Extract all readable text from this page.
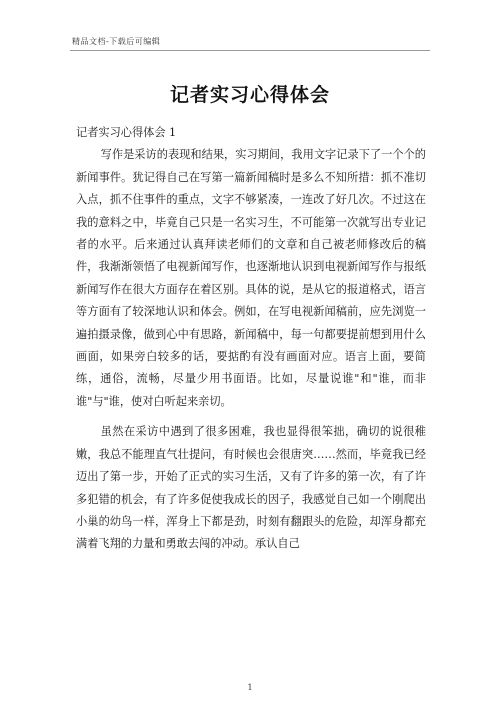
精品文档-下载后可编辑
记者实习心得体会

记者实习心得体会 1

写作是采访的表现和结果，实习期间，我用文字记录下了一个个的新闻事件。犹记得自己在写第一篇新闻稿时是多么不知所措：抓不准切入点，抓不住事件的重点，文字不够紧凑，一连改了好几次。不过这在我的意料之中，毕竟自己只是一名实习生，不可能第一次就写出专业记者的水平。后来通过认真拜读老师们的文章和自己被老师修改后的稿件，我渐渐领悟了电视新闻写作，也逐渐地认识到电视新闻写作与报纸新闻写作在很大方面存在着区别。具体的说，是从它的报道格式，语言等方面有了较深地认识和体会。例如，在写电视新闻稿前，应先浏览一遍拍摄录像，做到心中有思路，新闻稿中，每一句都要提前想到用什么画面，如果旁白较多的话，要掂酌有没有画面对应。语言上面，要简练，通俗，流畅，尽量少用书面语。比如，尽量说谁"和"谁，而非谁"与"谁，使对白听起来亲切。

虽然在采访中遇到了很多困难，我也显得很笨拙，确切的说很稚嫩，我总不能理直气壮提问，有时候也会很唐突……然而，毕竟我已经迈出了第一步，开始了正式的实习生活，又有了许多的第一次，有了许多犯错的机会，有了许多促使我成长的因子，我感觉自己如一个刚爬出小巢的幼鸟一样，浑身上下都是劲，时刻有翻跟头的危险，却浑身都充满着飞翔的力量和勇敢去闯的冲动。承认自己

1
